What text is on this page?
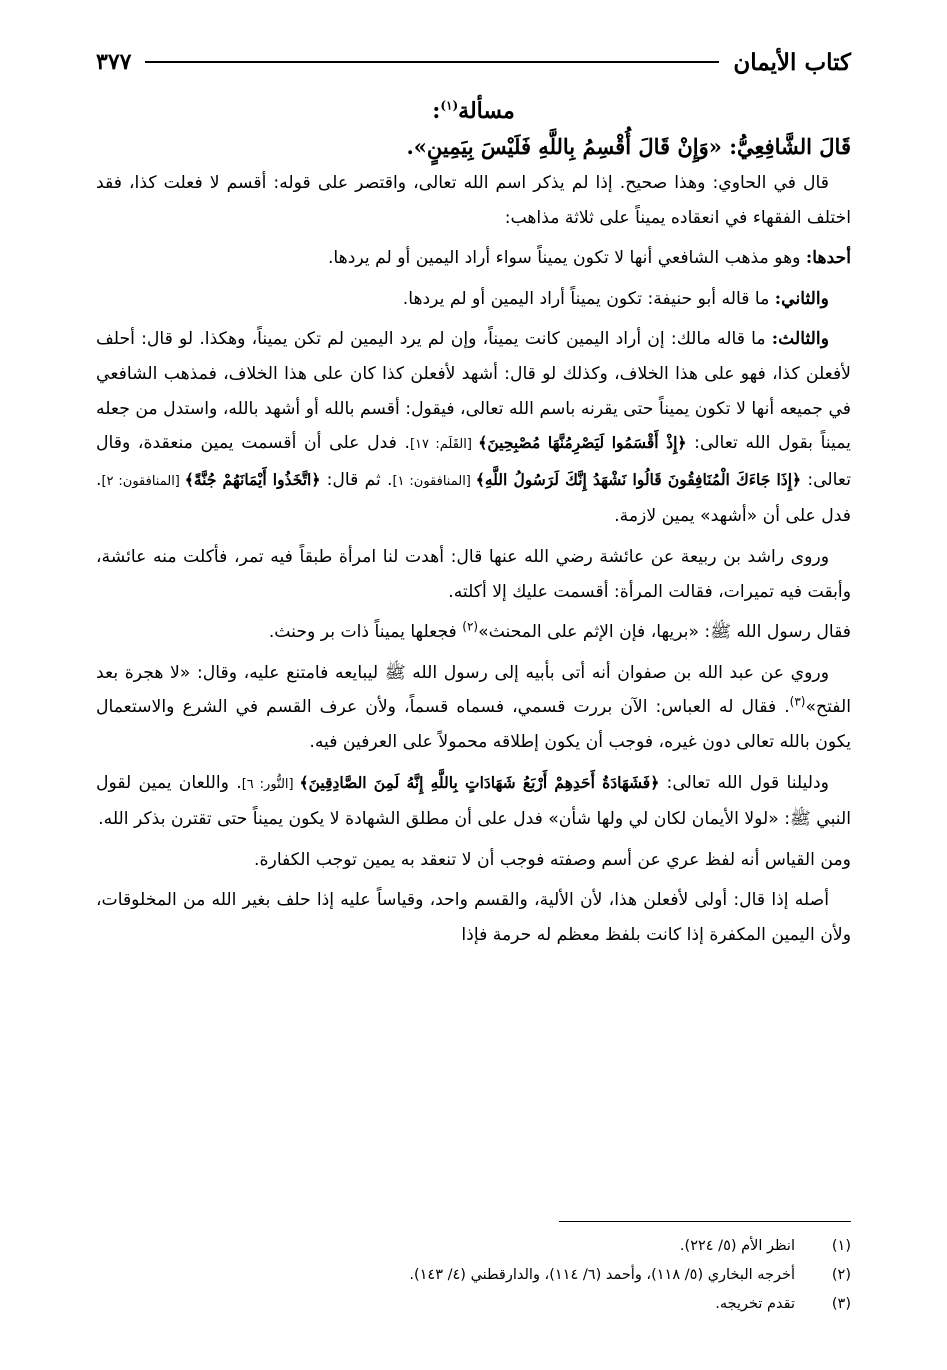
كتاب الأيمان
٣٧٧
مسألة$^{(١)}$:
قَالَ الشَّافِعِيُّ: «وَإِنْ قَالَ أُقْسِمُ بِاللَّهِ فَلَيْسَ بِيَمِينٍ».

قال في الحاوي: وهذا صحيح. إذا لم يذكر اسم الله تعالى، واقتصر على قوله: أقسم لا فعلت كذا، فقد اختلف الفقهاء في انعقاده يميناً على ثلاثة مذاهب:

أحدها: وهو مذهب الشافعي أنها لا تكون يميناً سواء أراد اليمين أو لم يردها.

والثاني: ما قاله أبو حنيفة: تكون يميناً أراد اليمين أو لم يردها.

والثالث: ما قاله مالك: إن أراد اليمين كانت يميناً، وإن لم يرد اليمين لم تكن يميناً، وهكذا. لو قال: أحلف لأفعلن كذا، فهو على هذا الخلاف، وكذلك لو قال: أشهد لأفعلن كذا كان على هذا الخلاف، فمذهب الشافعي في جميعه أنها لا تكون يميناً حتى يقرنه باسم الله تعالى، فيقول: أقسم بالله أو أشهد بالله، واستدل من جعله يميناً بقول الله تعالى: ﴿إِذْ أَقْسَمُوا لَيَصْرِمُنَّهَا مُصْبِحِينَ﴾ [القَلَم: ١٧]. فدل على أن أقسمت يمين منعقدة، وقال تعالى: ﴿إِذَا جَاءَكَ الْمُنَافِقُونَ قَالُوا نَشْهَدُ إِنَّكَ لَرَسُولُ اللَّهِ﴾ [المنافقون: ١]. ثم قال: ﴿اتَّخَذُوا أَيْمَانَهُمْ جُنَّةً﴾ [المنافقون: ٢]. فدل على أن «أشهد» يمين لازمة.

وروى راشد بن ربيعة عن عائشة رضي الله عنها قال: أهدت لنا امرأة طبقاً فيه تمر، فأكلت منه عائشة، وأبقت فيه تميرات، فقالت المرأة: أقسمت عليك إلا أكلته.

فقال رسول الله ﷺ: «بريها، فإن الإثم على المحنث»$^{(٢)}$ فجعلها يميناً ذات بر وحنث.

وروي عن عبد الله بن صفوان أنه أتى بأبيه إلى رسول الله ﷺ ليبايعه فامتنع عليه، وقال: «لا هجرة بعد الفتح»$^{(٣)}$. فقال له العباس: الآن بررت قسمي، فسماه قسماً، ولأن عرف القسم في الشرع والاستعمال يكون بالله تعالى دون غيره، فوجب أن يكون إطلاقه محمولاً على العرفين فيه.

ودليلنا قول الله تعالى: ﴿فَشَهَادَةُ أَحَدِهِمْ أَرْبَعُ شَهَادَاتٍ بِاللَّهِ إِنَّهُ لَمِنَ الصَّادِقِينَ﴾ [النُّور: ٦]. واللعان يمين لقول النبي ﷺ: «لولا الأيمان لكان لي ولها شأن» فدل على أن مطلق الشهادة لا يكون يميناً حتى تقترن بذكر الله.

ومن القياس أنه لفظ عري عن أسم وصفته فوجب أن لا تنعقد به يمين توجب الكفارة.

أصله إذا قال: أولى لأفعلن هذا، لأن الألية، والقسم واحد، وقياساً عليه إذا حلف بغير الله من المخلوقات، ولأن اليمين المكفرة إذا كانت بلفظ معظم له حرمة فإذا

(١)
انظر الأم (٥/ ٢٢٤).
(٢)
أخرجه البخاري (٥/ ١١٨)، وأحمد (٦/ ١١٤)، والدارقطني (٤/ ١٤٣).
(٣)
تقدم تخريجه.
